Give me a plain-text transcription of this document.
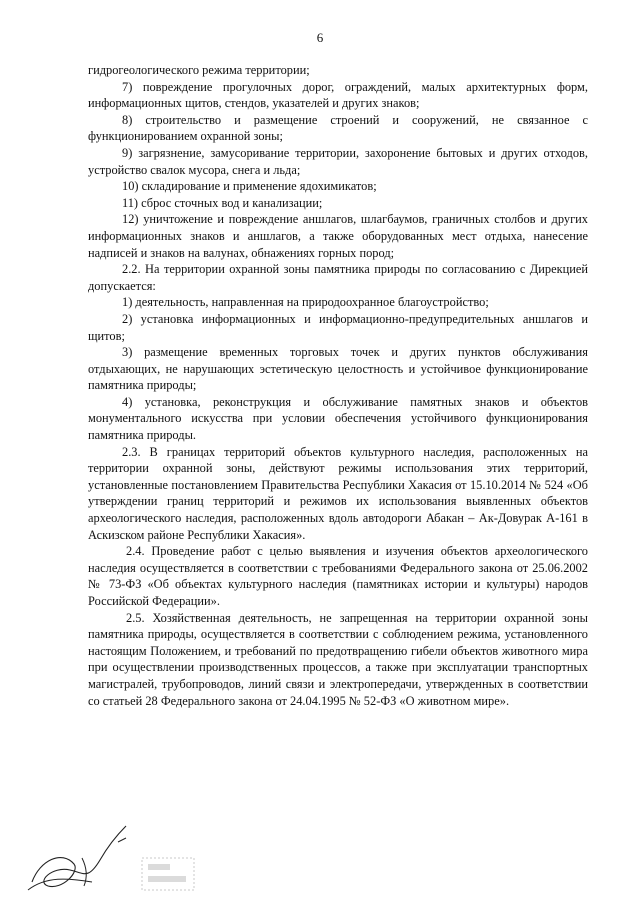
6

гидрогеологического режима территории;

7) повреждение прогулочных дорог, ограждений, малых архитектурных форм, информационных щитов, стендов, указателей и других знаков;

8) строительство и размещение строений и сооружений, не связанное с функционированием охранной зоны;

9) загрязнение, замусоривание территории, захоронение бытовых и других отходов, устройство свалок мусора, снега и льда;

10) складирование и применение ядохимикатов;

11) сброс сточных вод и канализации;

12) уничтожение и повреждение аншлагов, шлагбаумов, граничных столбов и других информационных знаков и аншлагов, а также оборудованных мест отдыха, нанесение надписей и знаков на валунах, обнажениях горных пород;

2.2. На территории охранной зоны памятника природы по согласованию с Дирекцией допускается:

1) деятельность, направленная на природоохранное благоустройство;

2) установка информационных и информационно-предупредительных аншлагов и щитов;

3) размещение временных торговых точек и других пунктов обслуживания отдыхающих, не нарушающих эстетическую целостность и устойчивое функционирование памятника природы;

4) установка, реконструкция и обслуживание памятных знаков и объектов монументального искусства при условии обеспечения устойчивого функционирования памятника природы.

2.3. В границах территорий объектов культурного наследия, расположенных на территории охранной зоны, действуют режимы использования этих территорий, установленные постановлением Правительства Республики Хакасия от 15.10.2014 № 524 «Об утверждении границ территорий и режимов их использования выявленных объектов археологического наследия, расположенных вдоль автодороги Абакан – Ак-Довурак А-161 в Аскизском районе Республики Хакасия».

2.4. Проведение работ с целью выявления и изучения объектов археологического наследия осуществляется в соответствии с требованиями Федерального закона от 25.06.2002 № 73-ФЗ «Об объектах культурного наследия (памятниках истории и культуры) народов Российской Федерации».

2.5. Хозяйственная деятельность, не запрещенная на территории охранной зоны памятника природы, осуществляется в соответствии с соблюдением режима, установленного настоящим Положением, и требований по предотвращению гибели объектов животного мира при осуществлении производственных процессов, а также при эксплуатации транспортных магистралей, трубопроводов, линий связи и электропередачи, утвержденных в соответствии со статьей 28 Федерального закона от 24.04.1995 № 52-ФЗ «О животном мире».
